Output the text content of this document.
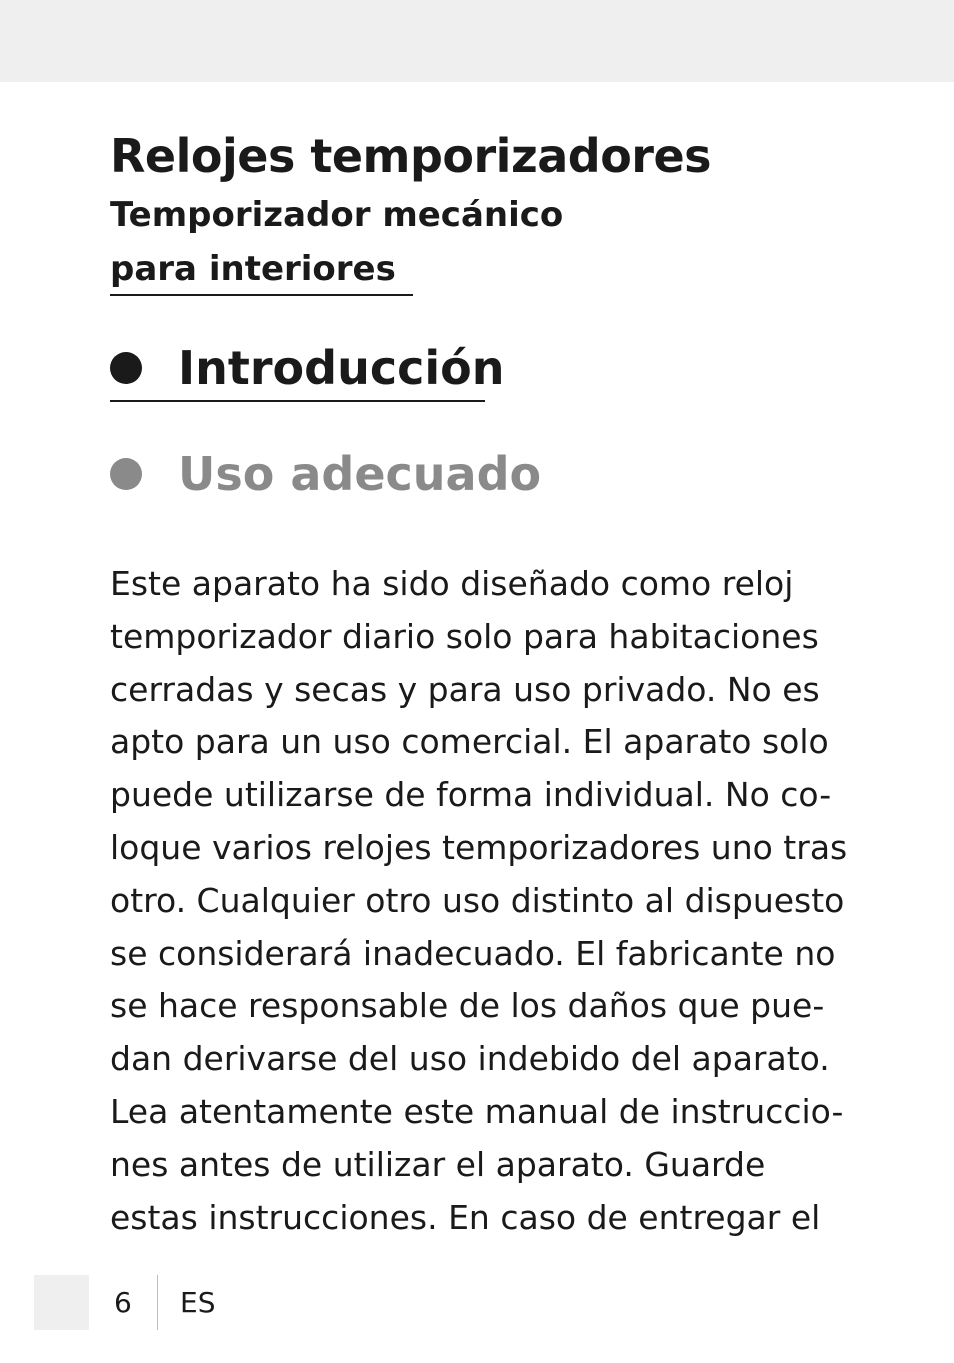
Relojes temporizadores
Temporizador mecánico
para interiores
Introducción
Uso adecuado
Este aparato ha sido diseñado como reloj
temporizador diario solo para habitaciones
cerradas y secas y para uso privado. No es
apto para un uso comercial. El aparato solo
puede utilizarse de forma individual. No co-
loque varios relojes temporizadores uno tras
otro. Cualquier otro uso distinto al dispuesto
se considerará inadecuado. El fabricante no
se hace responsable de los daños que pue-
dan derivarse del uso indebido del aparato.
Lea atentamente este manual de instruccio-
nes antes de utilizar el aparato. Guarde
estas instrucciones. En caso de entregar el
6 ES
